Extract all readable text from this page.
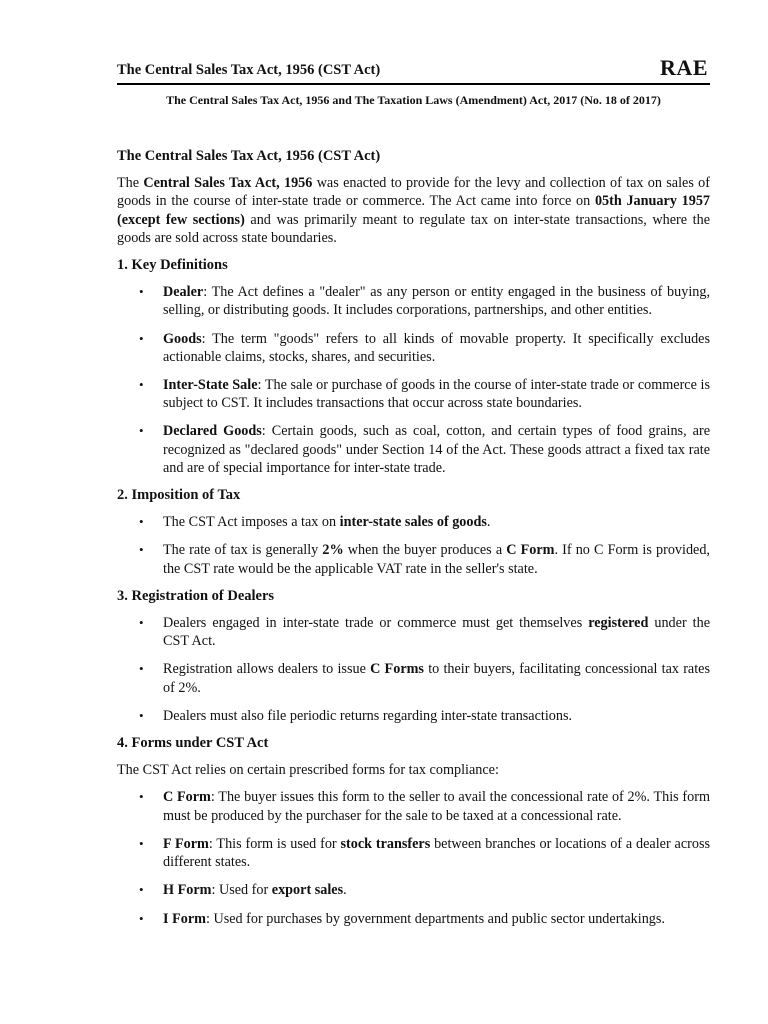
The Central Sales Tax Act, 1956 (CST Act)	RAE
The Central Sales Tax Act, 1956 and The Taxation Laws (Amendment) Act, 2017 (No. 18 of 2017)

The Central Sales Tax Act, 1956 (CST Act)

The Central Sales Tax Act, 1956 was enacted to provide for the levy and collection of tax on sales of goods in the course of inter-state trade or commerce. The Act came into force on 05th January 1957 (except few sections) and was primarily meant to regulate tax on inter-state transactions, where the goods are sold across state boundaries.

1. Key Definitions

• Dealer: The Act defines a "dealer" as any person or entity engaged in the business of buying, selling, or distributing goods. It includes corporations, partnerships, and other entities.
• Goods: The term "goods" refers to all kinds of movable property. It specifically excludes actionable claims, stocks, shares, and securities.
• Inter-State Sale: The sale or purchase of goods in the course of inter-state trade or commerce is subject to CST. It includes transactions that occur across state boundaries.
• Declared Goods: Certain goods, such as coal, cotton, and certain types of food grains, are recognized as "declared goods" under Section 14 of the Act. These goods attract a fixed tax rate and are of special importance for inter-state trade.

2. Imposition of Tax

• The CST Act imposes a tax on inter-state sales of goods.
• The rate of tax is generally 2% when the buyer produces a C Form. If no C Form is provided, the CST rate would be the applicable VAT rate in the seller's state.

3. Registration of Dealers

• Dealers engaged in inter-state trade or commerce must get themselves registered under the CST Act.
• Registration allows dealers to issue C Forms to their buyers, facilitating concessional tax rates of 2%.
• Dealers must also file periodic returns regarding inter-state transactions.

4. Forms under CST Act

The CST Act relies on certain prescribed forms for tax compliance:

• C Form: The buyer issues this form to the seller to avail the concessional rate of 2%. This form must be produced by the purchaser for the sale to be taxed at a concessional rate.
• F Form: This form is used for stock transfers between branches or locations of a dealer across different states.
• H Form: Used for export sales.
• I Form: Used for purchases by government departments and public sector undertakings.
